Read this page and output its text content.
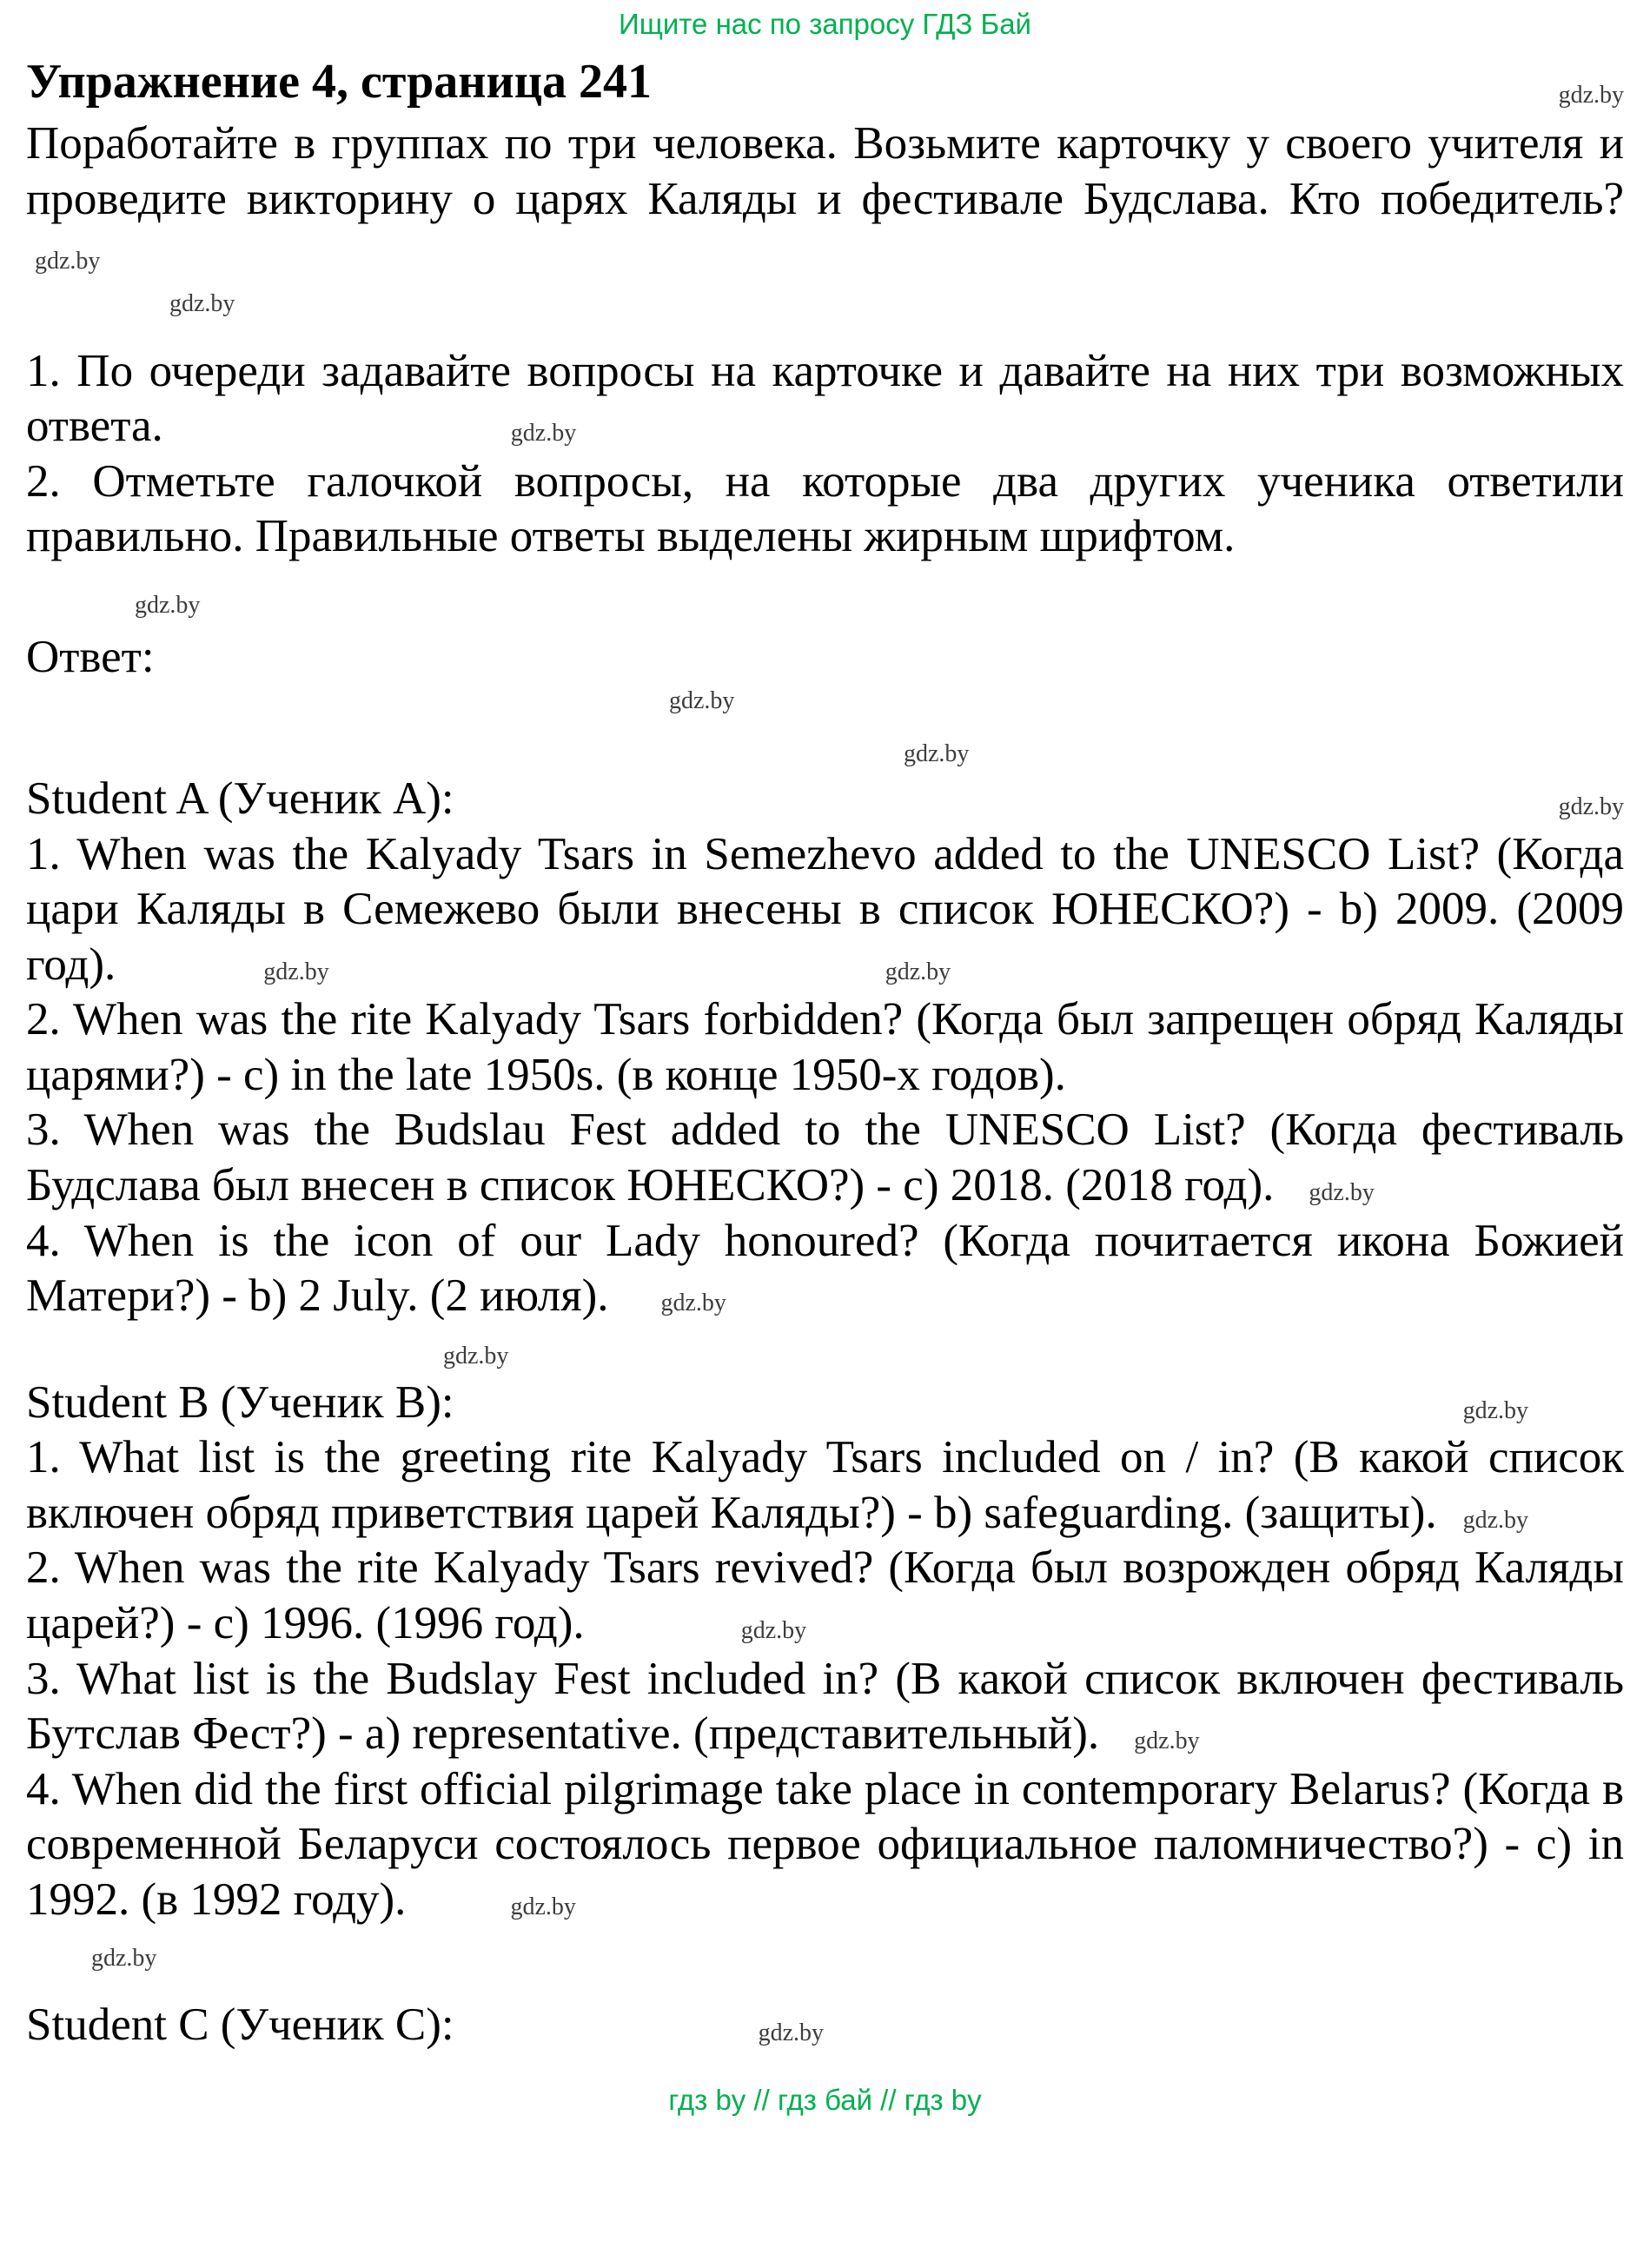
Ищите нас по запросу ГДЗ Бай
Упражнение 4, страница 241	gdz.by

Поработайте в группах по три человека. Возьмите карточку у своего учителя и проведите викторину о царях Каляды и фестивале Будслава. Кто победитель? gdz.by

gdz.by

1. По очереди задавайте вопросы на карточке и давайте на них три возможных ответа.	gdz.by

2. Отметьте галочкой вопросы, на которые два других ученика ответили правильно. Правильные ответы выделены жирным шрифтом.

gdz.by

Ответ:

gdz.by
gdz.by
Student A (Ученик А):	gdz.by

1. When was the Kalyady Tsars in Semezhevo added to the UNESCO List? (Когда цари Каляды в Семежево были внесены в список ЮНЕСКО?) - b) 2009. (2009 год).	gdz.by	gdz.by

2. When was the rite Kalyady Tsars forbidden? (Когда был запрещен обряд Каляды царями?) - c) in the late 1950s. (в конце 1950-х годов).

3. When was the Budslau Fest added to the UNESCO List? (Когда фестиваль Будслава был внесен в список ЮНЕСКО?) - c) 2018. (2018 год). gdz.by

4. When is the icon of our Lady honoured? (Когда почитается икона Божией Матери?) - b) 2 July. (2 июля). gdz.by

gdz.by
Student B (Ученик В):	gdz.by

1. What list is the greeting rite Kalyady Tsars included on / in? (В какой список включен обряд приветствия царей Каляды?) - b) safeguarding. (защиты). gdz.by

2. When was the rite Kalyady Tsars revived? (Когда был возрожден обряд Каляды царей?) - c) 1996. (1996 год).	gdz.by

3. What list is the Budslay Fest included in? (В какой список включен фестиваль Бутслав Фест?) - a) representative. (представительный). gdz.by

4. When did the first official pilgrimage take place in contemporary Belarus? (Когда в современной Беларуси состоялось первое официальное паломничество?) - c) in 1992. (в 1992 году).	gdz.by

gdz.by
Student C (Ученик С):	gdz.by
гдз by // гдз бай // гдз by
